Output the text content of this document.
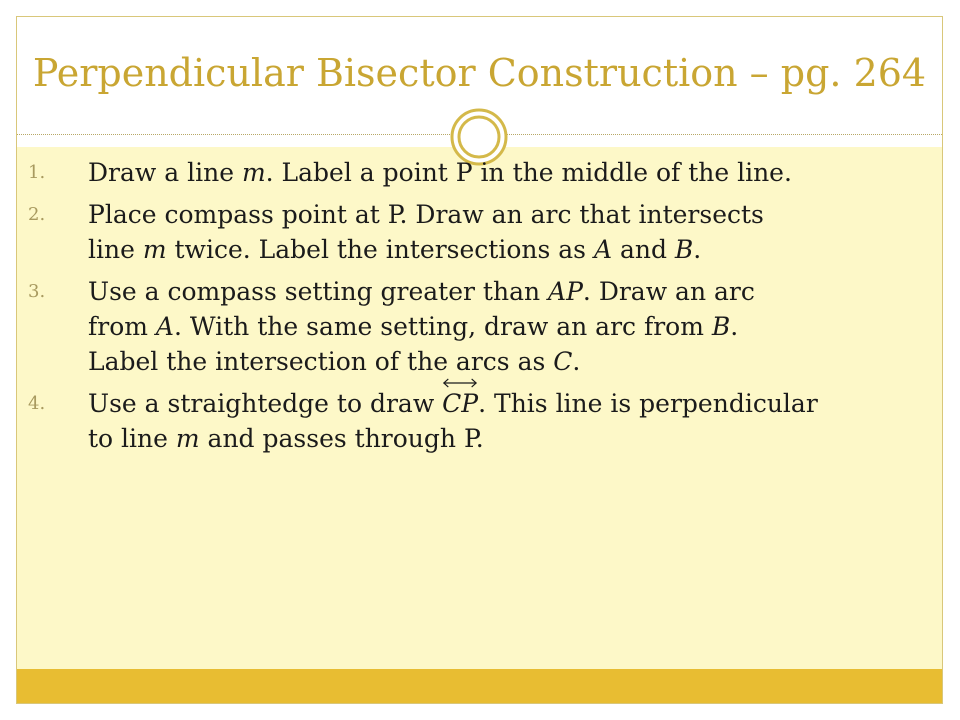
Perpendicular Bisector Construction – pg. 264
1. Draw a line m. Label a point P in the middle of the line.
2. Place compass point at P. Draw an arc that intersects
line m twice. Label the intersections as A and B.
3. Use a compass setting greater than AP. Draw an arc
from A. With the same setting, draw an arc from B.
Label the intersection of the arcs as C.
4. Use a straightedge to draw
CP. This line is perpendicular
to line m and passes through P.
